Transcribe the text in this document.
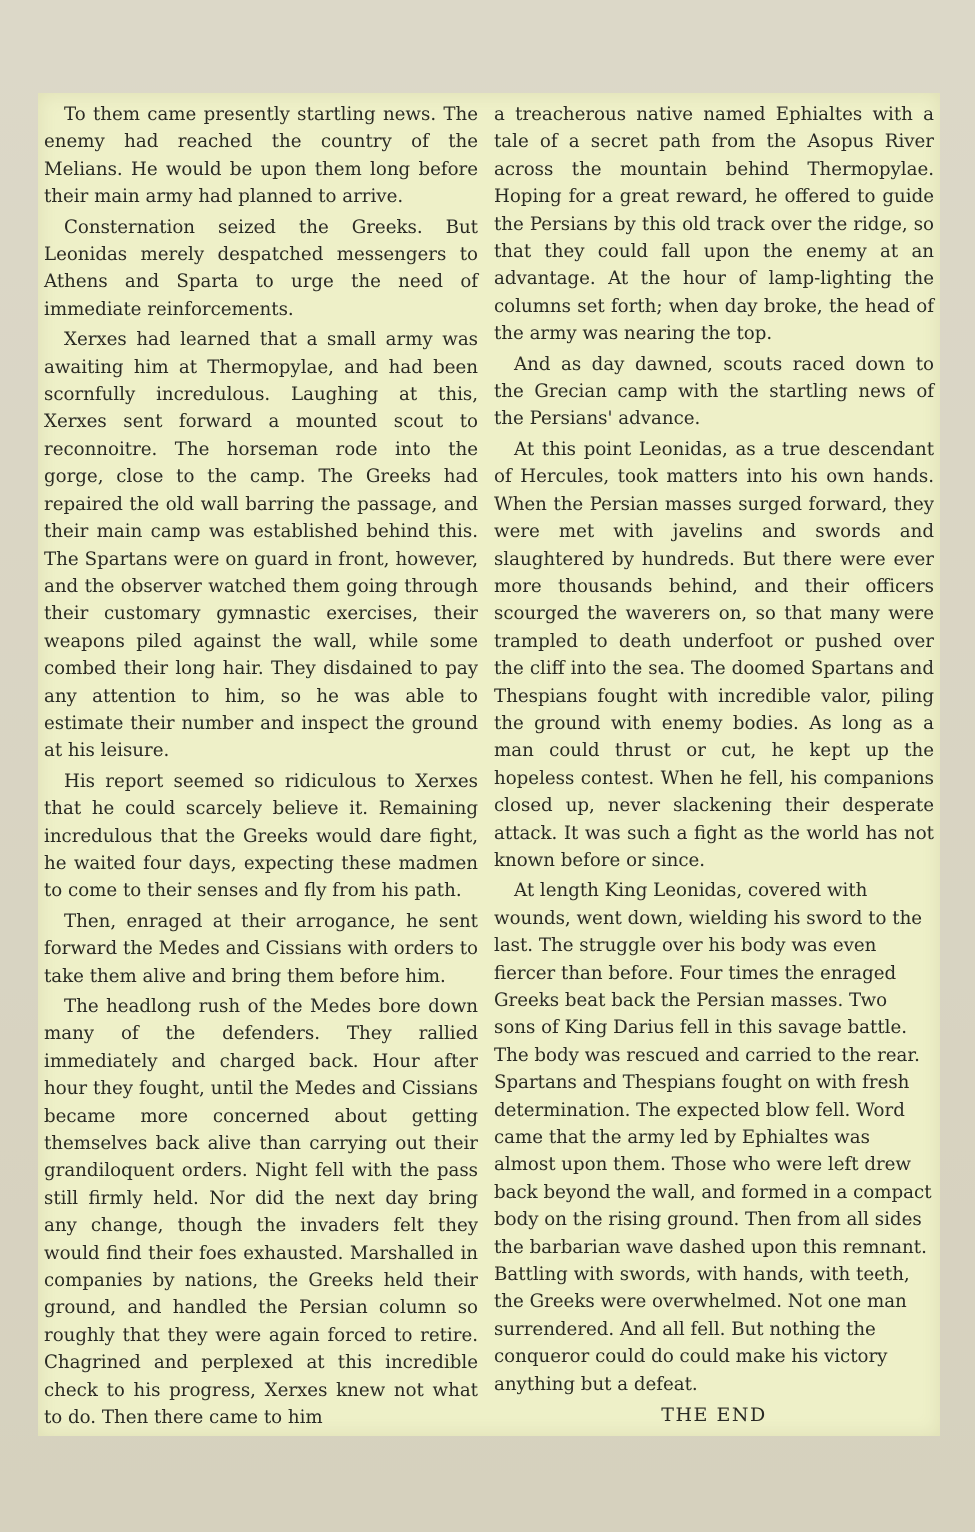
To them came presently startling news. The enemy had reached the country of the Melians. He would be upon them long before their main army had planned to arrive.

Consternation seized the Greeks. But Leonidas merely despatched messengers to Athens and Sparta to urge the need of immediate reinforcements.

Xerxes had learned that a small army was awaiting him at Thermopylae, and had been scornfully incredulous. Laughing at this, Xerxes sent forward a mounted scout to reconnoitre. The horseman rode into the gorge, close to the camp. The Greeks had repaired the old wall barring the passage, and their main camp was established behind this. The Spartans were on guard in front, however, and the observer watched them going through their customary gymnastic exercises, their weapons piled against the wall, while some combed their long hair. They disdained to pay any attention to him, so he was able to estimate their number and inspect the ground at his leisure.

His report seemed so ridiculous to Xerxes that he could scarcely believe it. Remaining incredulous that the Greeks would dare fight, he waited four days, expecting these madmen to come to their senses and fly from his path.

Then, enraged at their arrogance, he sent forward the Medes and Cissians with orders to take them alive and bring them before him.

The headlong rush of the Medes bore down many of the defenders. They rallied immediately and charged back. Hour after hour they fought, until the Medes and Cissians became more concerned about getting themselves back alive than carrying out their grandiloquent orders. Night fell with the pass still firmly held. Nor did the next day bring any change, though the invaders felt they would find their foes exhausted. Marshalled in companies by nations, the Greeks held their ground, and handled the Persian column so roughly that they were again forced to retire. Chagrined and perplexed at this incredible check to his progress, Xerxes knew not what to do. Then there came to him

a treacherous native named Ephialtes with a tale of a secret path from the Asopus River across the mountain behind Thermopylae. Hoping for a great reward, he offered to guide the Persians by this old track over the ridge, so that they could fall upon the enemy at an advantage. At the hour of lamp-lighting the columns set forth; when day broke, the head of the army was nearing the top.

And as day dawned, scouts raced down to the Grecian camp with the startling news of the Persians' advance.

At this point Leonidas, as a true descendant of Hercules, took matters into his own hands. When the Persian masses surged forward, they were met with javelins and swords and slaughtered by hundreds. But there were ever more thousands behind, and their officers scourged the waverers on, so that many were trampled to death underfoot or pushed over the cliff into the sea. The doomed Spartans and Thespians fought with incredible valor, piling the ground with enemy bodies. As long as a man could thrust or cut, he kept up the hopeless contest. When he fell, his companions closed up, never slackening their desperate attack. It was such a fight as the world has not known before or since.

At length King Leonidas, covered with wounds, went down, wielding his sword to the last. The struggle over his body was even fiercer than before. Four times the enraged Greeks beat back the Persian masses. Two sons of King Darius fell in this savage battle. The body was rescued and carried to the rear. Spartans and Thespians fought on with fresh determination. The expected blow fell. Word came that the army led by Ephialtes was almost upon them. Those who were left drew back beyond the wall, and formed in a compact body on the rising ground. Then from all sides the barbarian wave dashed upon this remnant. Battling with swords, with hands, with teeth, the Greeks were overwhelmed. Not one man surrendered. And all fell. But nothing the conqueror could do could make his victory anything but a defeat.

THE END
